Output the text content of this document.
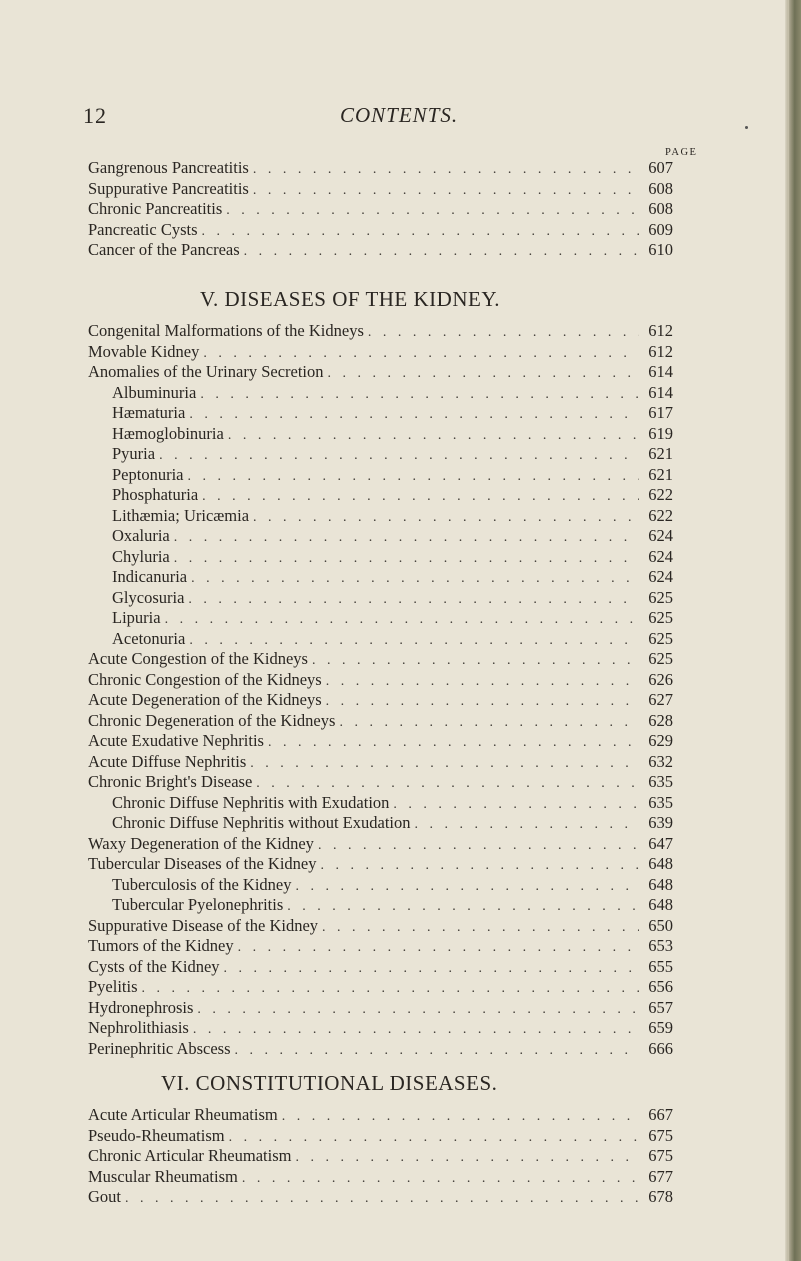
12	CONTENTS.
PAGE
Gangrenous Pancreatitis . . .	607
Suppurative Pancreatitis . . .	608
Chronic Pancreatitis . . .	608
Pancreatic Cysts . . .	609
Cancer of the Pancreas . . .	610
V. DISEASES OF THE KIDNEY.
Congenital Malformations of the Kidneys . . .	612
Movable Kidney . . .	612
Anomalies of the Urinary Secretion . . .	614
Albuminuria . . .	614
Hæmaturia . . .	617
Hæmoglobinuria . . .	619
Pyuria . . .	621
Peptonuria . . .	621
Phosphaturia . . .	622
Lithæmia; Uricæmia . . .	622
Oxaluria . . .	624
Chyluria . . .	624
Indicanuria . . .	624
Glycosuria . . .	625
Lipuria . . .	625
Acetonuria . . .	625
Acute Congestion of the Kidneys . . .	625
Chronic Congestion of the Kidneys . . .	626
Acute Degeneration of the Kidneys . . .	627
Chronic Degeneration of the Kidneys . . .	628
Acute Exudative Nephritis . . .	629
Acute Diffuse Nephritis . . .	632
Chronic Bright's Disease . . .	635
Chronic Diffuse Nephritis with Exudation . . .	635
Chronic Diffuse Nephritis without Exudation . . .	639
Waxy Degeneration of the Kidney . . .	647
Tubercular Diseases of the Kidney . . .	648
Tuberculosis of the Kidney . . .	648
Tubercular Pyelonephritis . . .	648
Suppurative Disease of the Kidney . . .	650
Tumors of the Kidney . . .	653
Cysts of the Kidney . . .	655
Pyelitis . . .	656
Hydronephrosis . . .	657
Nephrolithiasis . . .	659
Perinephritic Abscess . . .	666
VI. CONSTITUTIONAL DISEASES.
Acute Articular Rheumatism . . .	667
Pseudo-Rheumatism . . .	675
Chronic Articular Rheumatism . . .	675
Muscular Rheumatism . . .	677
Gout . . .	678
